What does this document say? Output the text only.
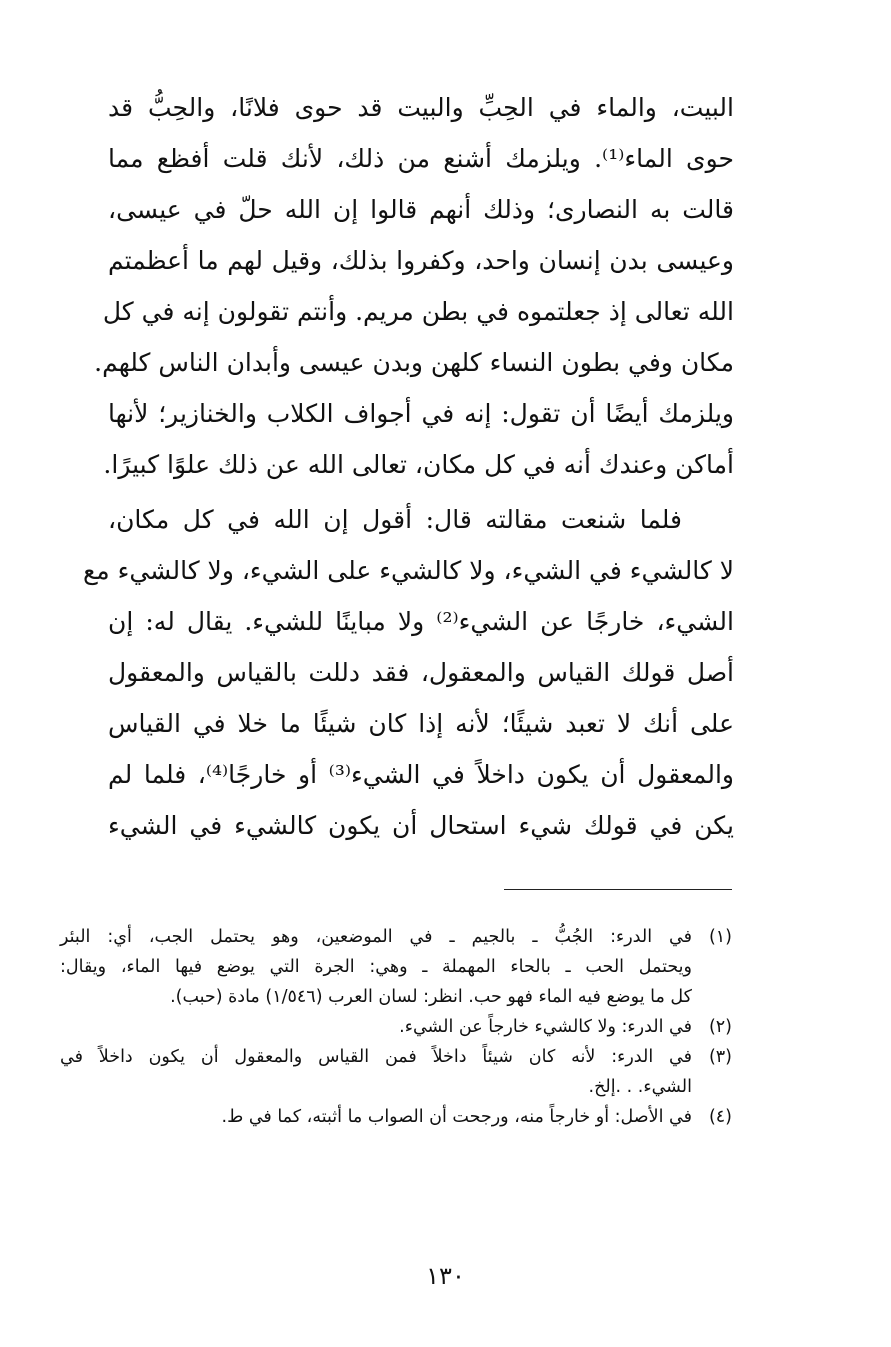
البيت، والماء في الحِبِّ والبيت قد حوى فلانًا، والحِبُّ قد
حوى الماء⁽¹⁾. ويلزمك أشنع من ذلك، لأنك قلت أفظع مما
قالت به النصارى؛ وذلك أنهم قالوا إن الله حلّ في عيسى،
وعيسى بدن إنسان واحد، وكفروا بذلك، وقيل لهم ما أعظمتم
الله تعالى إذ جعلتموه في بطن مريم. وأنتم تقولون إنه في كل
مكان وفي بطون النساء كلهن وبدن عيسى وأبدان الناس كلهم.
ويلزمك أيضًا أن تقول: إنه في أجواف الكلاب والخنازير؛ لأنها
أماكن وعندك أنه في كل مكان، تعالى الله عن ذلك علوًا كبيرًا.
فلما شنعت مقالته قال: أقول إن الله في كل مكان،
لا كالشيء في الشيء، ولا كالشيء على الشيء، ولا كالشيء مع
الشيء، خارجًا عن الشيء⁽²⁾ ولا مباينًا للشيء. يقال له: إن
أصل قولك القياس والمعقول، فقد دللت بالقياس والمعقول
على أنك لا تعبد شيئًا؛ لأنه إذا كان شيئًا ما خلا في القياس
والمعقول أن يكون داخلاً في الشيء⁽³⁾ أو خارجًا⁽⁴⁾، فلما لم
يكن في قولك شيء استحال أن يكون كالشيء في الشيء
(١)
في الدرء: الجُبُّ ـ بالجيم ـ في الموضعين، وهو يحتمل الجب، أي: البئر
ويحتمل الحب ـ بالحاء المهملة ـ وهي: الجرة التي يوضع فيها الماء، ويقال:
كل ما يوضع فيه الماء فهو حب. انظر: لسان العرب (١/٥٤٦) مادة (حبب).
(٢)
في الدرء: ولا كالشيء خارجاً عن الشيء.
(٣)
في الدرء: لأنه كان شيئاً داخلاً فمن القياس والمعقول أن يكون داخلاً في
الشيء. . .إلخ.
(٤)
في الأصل: أو خارجاً منه، ورجحت أن الصواب ما أثبته، كما في ط.
١٣٠
